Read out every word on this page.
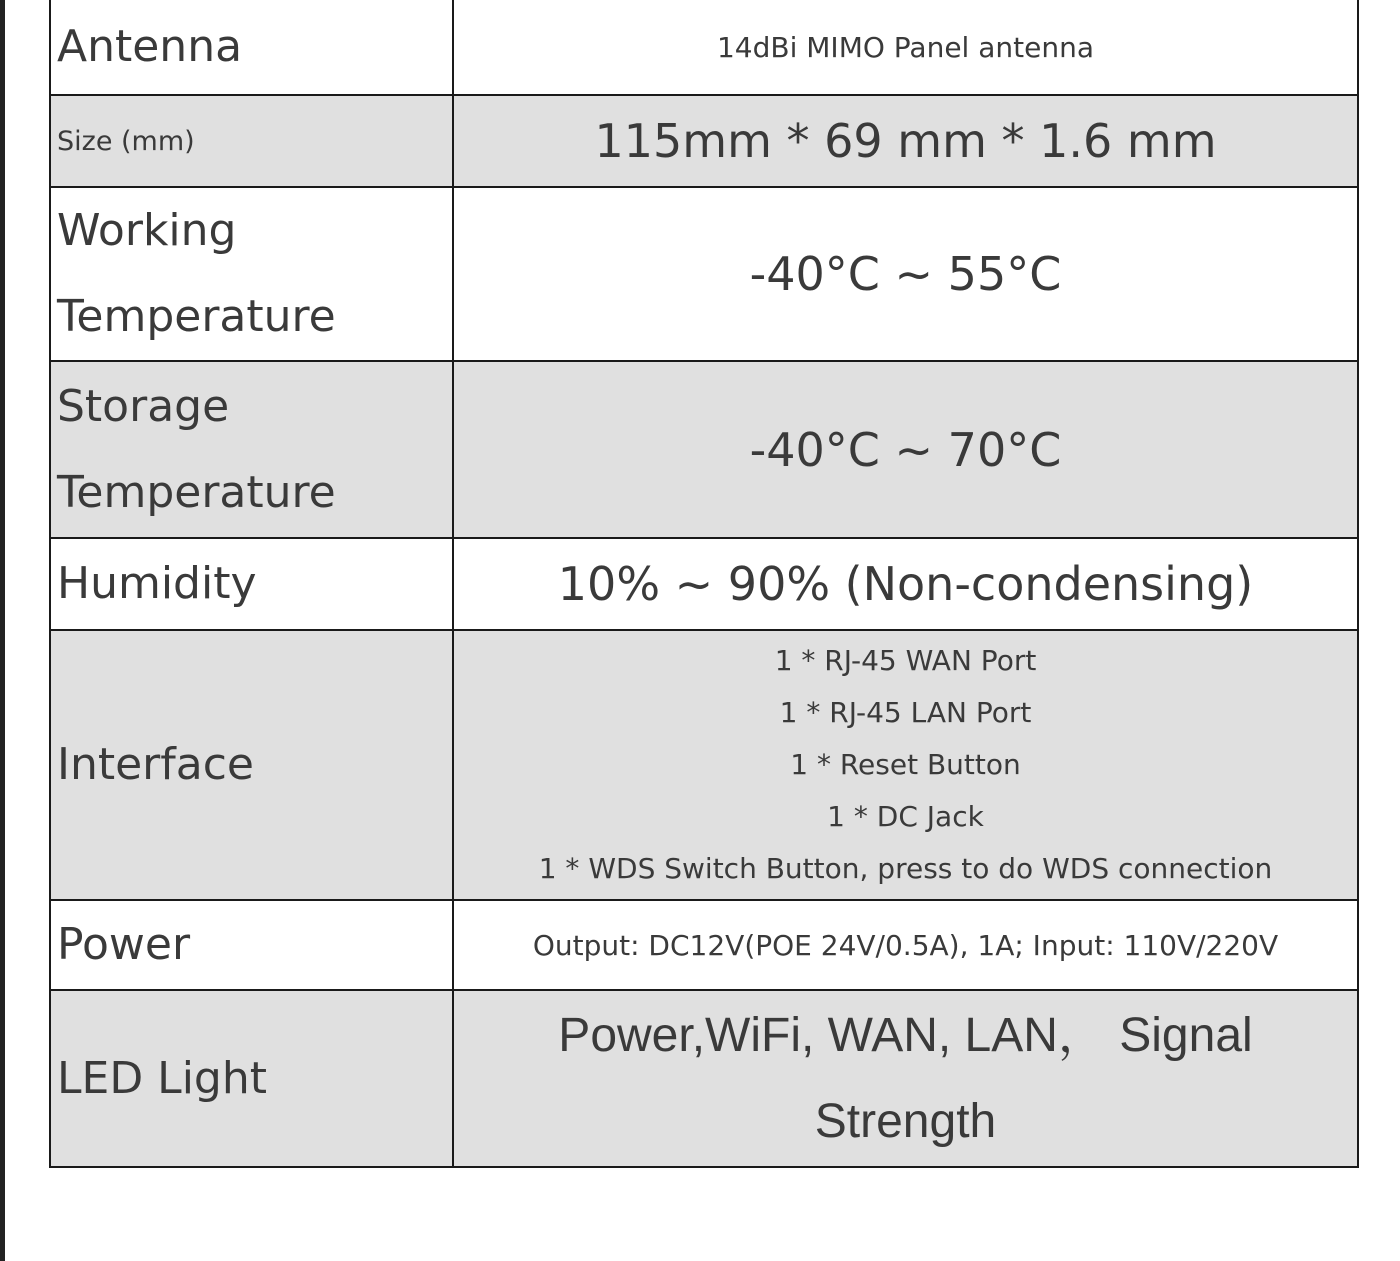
Antenna	14dBi MIMO Panel antenna
Size (mm)	115mm * 69 mm * 1.6 mm

Working
Temperature	-40°C ~ 55°C

Storage
Temperature	-40°C ~ 70°C
Humidity	10% ~ 90% (Non-condensing)
Interface	1 * RJ-45 WAN Port
1 * RJ-45 LAN Port
1 * Reset Button
1 * DC Jack
1 * WDS Switch Button, press to do WDS connection

Power	Output: DC12V(POE 24V/0.5A), 1A; Input: 110V/220V
LED Light	Power,WiFi, WAN, LAN， Signal
Strength
